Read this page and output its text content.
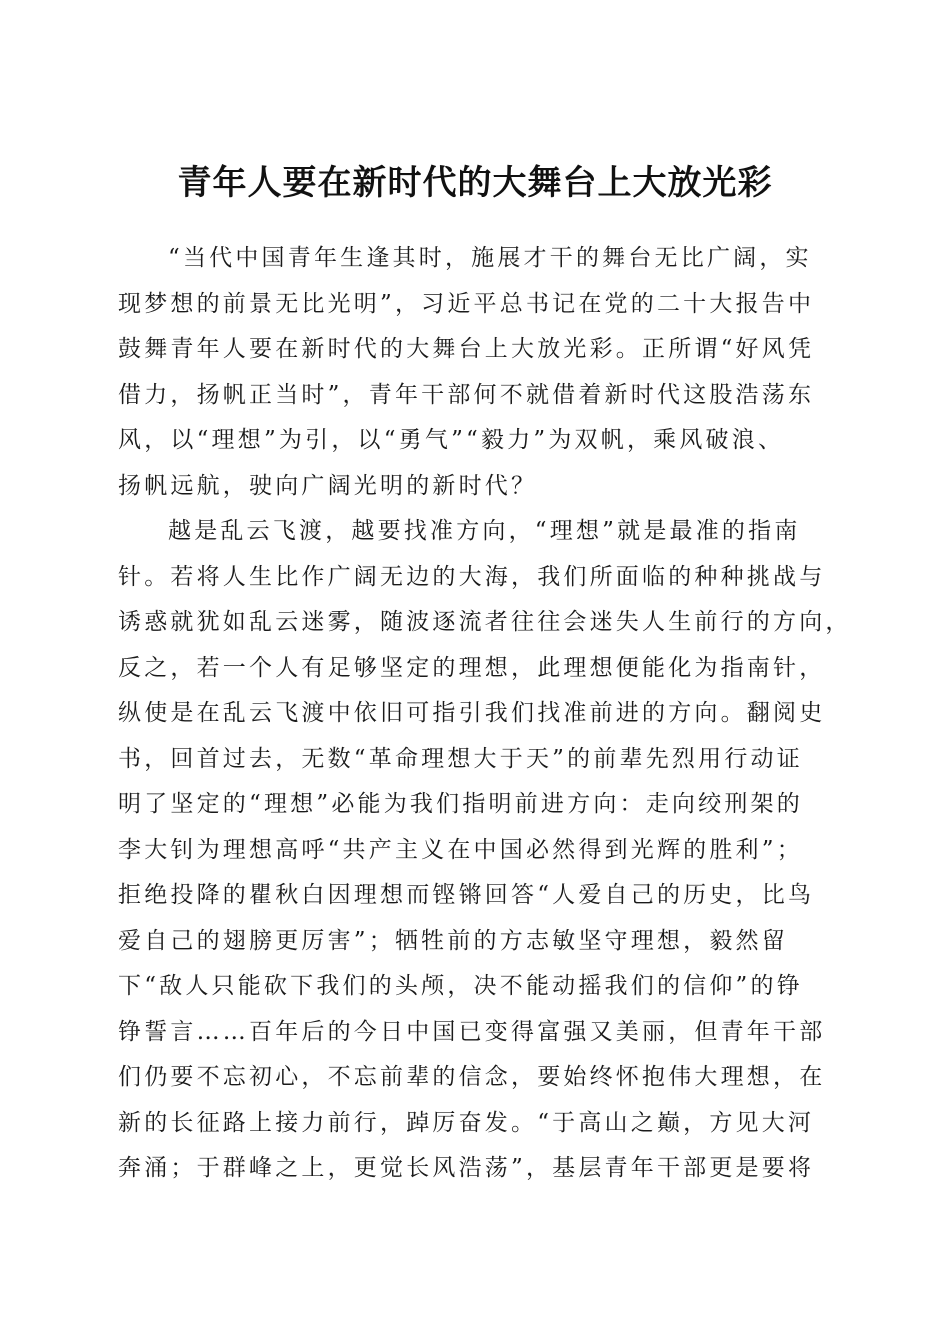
青年人要在新时代的大舞台上大放光彩
“当代中国青年生逢其时，施展才干的舞台无比广阔，实
现梦想的前景无比光明”，习近平总书记在党的二十大报告中
鼓舞青年人要在新时代的大舞台上大放光彩。正所谓“好风凭
借力，扬帆正当时”，青年干部何不就借着新时代这股浩荡东
风，以“理想”为引，以“勇气”“毅力”为双帆，乘风破浪、
扬帆远航，驶向广阔光明的新时代？
越是乱云飞渡，越要找准方向，“理想”就是最准的指南
针。若将人生比作广阔无边的大海，我们所面临的种种挑战与
诱惑就犹如乱云迷雾，随波逐流者往往会迷失人生前行的方向，
反之，若一个人有足够坚定的理想，此理想便能化为指南针，
纵使是在乱云飞渡中依旧可指引我们找准前进的方向。翻阅史
书，回首过去，无数“革命理想大于天”的前辈先烈用行动证
明了坚定的“理想”必能为我们指明前进方向：走向绞刑架的
李大钊为理想高呼“共产主义在中国必然得到光辉的胜利”；
拒绝投降的瞿秋白因理想而铿锵回答“人爱自己的历史，比鸟
爱自己的翅膀更厉害”；牺牲前的方志敏坚守理想，毅然留
下“敌人只能砍下我们的头颅，决不能动摇我们的信仰”的铮
铮誓言……百年后的今日中国已变得富强又美丽，但青年干部
们仍要不忘初心，不忘前辈的信念，要始终怀抱伟大理想，在
新的长征路上接力前行，踔厉奋发。“于高山之巅，方见大河
奔涌；于群峰之上，更觉长风浩荡”，基层青年干部更是要将
